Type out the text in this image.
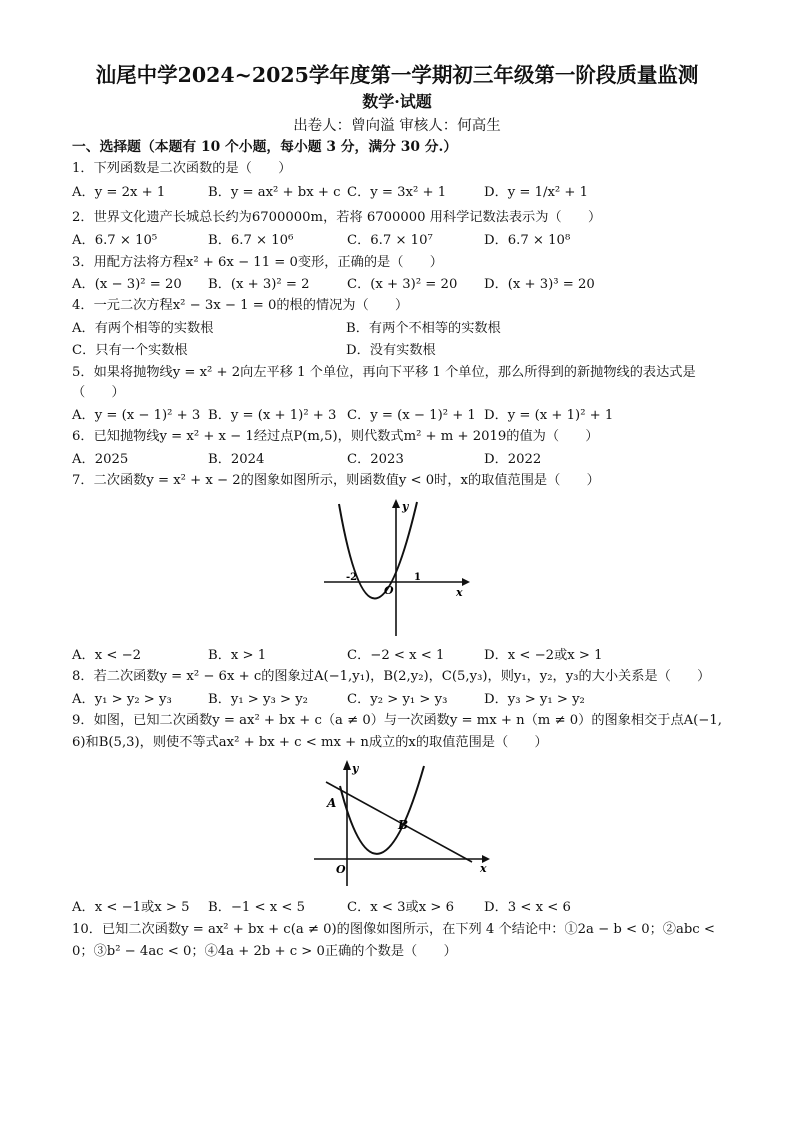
汕尾中学2024~2025学年度第一学期初三年级第一阶段质量监测
数学·试题
出卷人：曾向溢 审核人：何高生
一、选择题（本题有 10 个小题，每小题 3 分，满分 30 分.）
1．下列函数是二次函数的是（　　）
A．y = 2x + 1	B．y = ax² + bx + c C．y = 3x² + 1	D．y = 1/x² + 1
2．世界文化遗产长城总长约为6700000m，若将 6700000 用科学记数法表示为（　　）
A．6.7 × 10⁵	B．6.7 × 10⁶	C．6.7 × 10⁷	D．6.7 × 10⁸
3．用配方法将方程x² + 6x − 11 = 0变形，正确的是（　　）
A．(x − 3)² = 20 B．(x + 3)² = 2	C．(x + 3)² = 20 D．(x + 3)³ = 20
4．一元二次方程x² − 3x − 1 = 0的根的情况为（　　）
A．有两个相等的实数根	B．有两个不相等的实数根
C．只有一个实数根	D．没有实数根
5．如果将抛物线y = x² + 2向左平移 1 个单位，再向下平移 1 个单位，那么所得到的新抛物线的表达式是
（　　）
A．y = (x − 1)² + 3 B．y = (x + 1)² + 3 C．y = (x − 1)² + 1 D．y = (x + 1)² + 1
6．已知抛物线y = x² + x − 1经过点P(m,5)，则代数式m² + m + 2019的值为（　　）
A．2025	B．2024	C．2023	D．2022
7．二次函数y = x² + x − 2的图象如图所示，则函数值y < 0时，x的取值范围是（　　）
y
x
O
-2	1
A．x < −2	B．x > 1	C．−2 < x < 1	D．x < −2或x > 1
8．若二次函数y = x² − 6x + c的图象过A(−1,y₁)，B(2,y₂)，C(5,y₃)，则y₁，y₂，y₃的大小关系是（　　）
A．y₁ > y₂ > y₃	B．y₁ > y₃ > y₂	C．y₂ > y₁ > y₃	D．y₃ > y₁ > y₂
9．如图，已知二次函数y = ax² + bx + c（a ≠ 0）与一次函数y = mx + n（m ≠ 0）的图象相交于点A(−1,
6)和B(5,3)，则使不等式ax² + bx + c < mx + n成立的x的取值范围是（　　）
y
x
O
A
B
A．x < −1或x > 5 B．−1 < x < 5	C．x < 3或x > 6 D．3 < x < 6
10．已知二次函数y = ax² + bx + c(a ≠ 0)的图像如图所示，在下列 4 个结论中：①2a − b < 0；②abc <
0；③b² − 4ac < 0；④4a + 2b + c > 0正确的个数是（　　）
